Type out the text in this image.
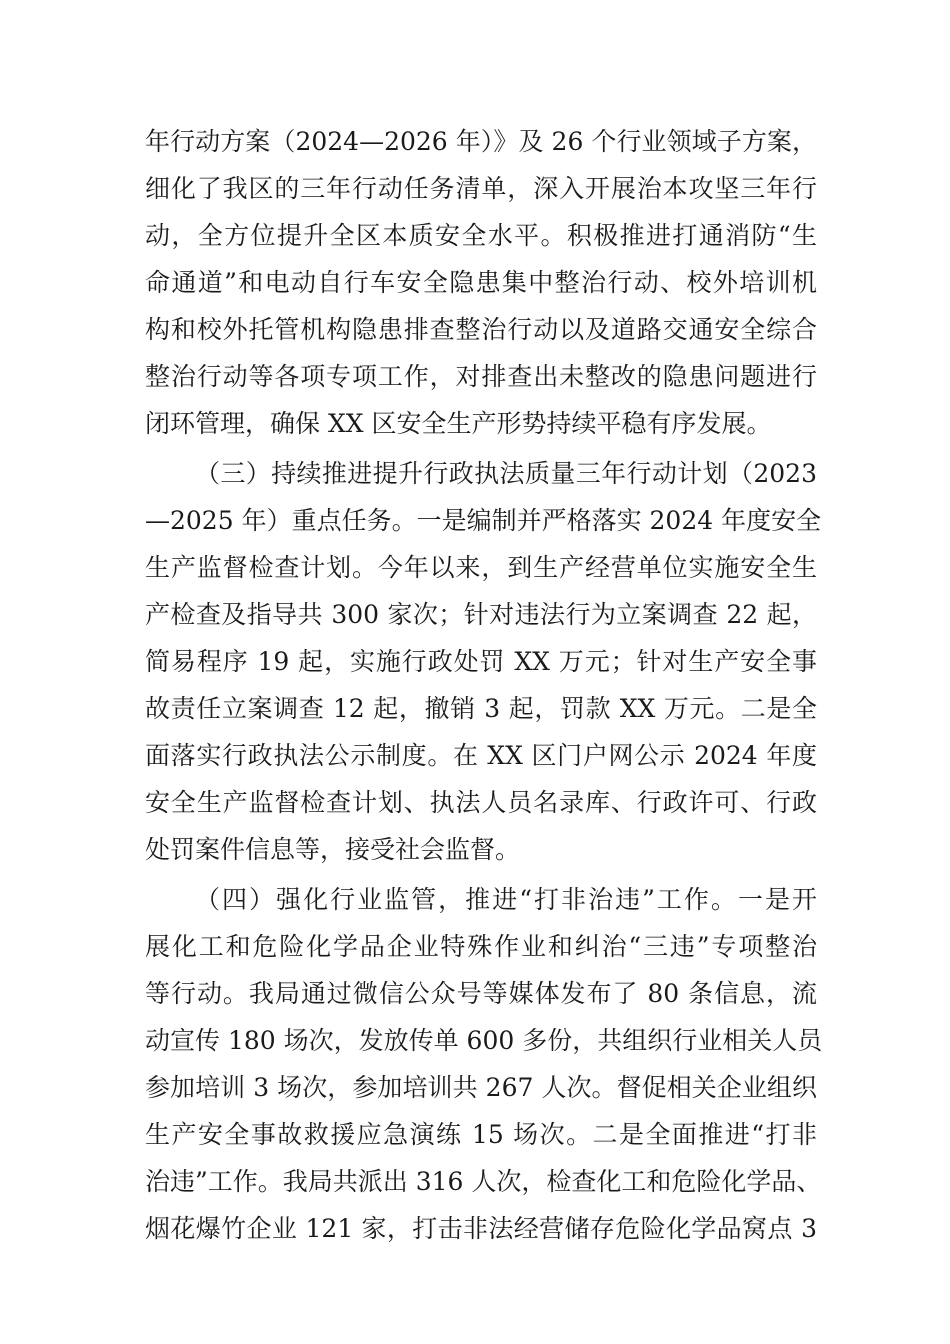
年行动方案（2024—2026 年）》及 26 个行业领域子方案，
细化了我区的三年行动任务清单，深入开展治本攻坚三年行
动，全方位提升全区本质安全水平。积极推进打通消防“生
命通道”和电动自行车安全隐患集中整治行动、校外培训机
构和校外托管机构隐患排查整治行动以及道路交通安全综合
整治行动等各项专项工作，对排查出未整改的隐患问题进行
闭环管理，确保 XX 区安全生产形势持续平稳有序发展。
（三）持续推进提升行政执法质量三年行动计划（2023
—2025 年）重点任务。一是编制并严格落实 2024 年度安全
生产监督检查计划。今年以来，到生产经营单位实施安全生
产检查及指导共 300 家次；针对违法行为立案调查 22 起，
简易程序 19 起，实施行政处罚 XX 万元；针对生产安全事
故责任立案调查 12 起，撤销 3 起，罚款 XX 万元。二是全
面落实行政执法公示制度。在 XX 区门户网公示 2024 年度
安全生产监督检查计划、执法人员名录库、行政许可、行政
处罚案件信息等，接受社会监督。
（四）强化行业监管，推进“打非治违”工作。一是开
展化工和危险化学品企业特殊作业和纠治“三违”专项整治
等行动。我局通过微信公众号等媒体发布了 80 条信息，流
动宣传 180 场次，发放传单 600 多份，共组织行业相关人员
参加培训 3 场次，参加培训共 267 人次。督促相关企业组织
生产安全事故救援应急演练 15 场次。二是全面推进“打非
治违”工作。我局共派出 316 人次，检查化工和危险化学品、
烟花爆竹企业 121 家，打击非法经营储存危险化学品窝点 3
